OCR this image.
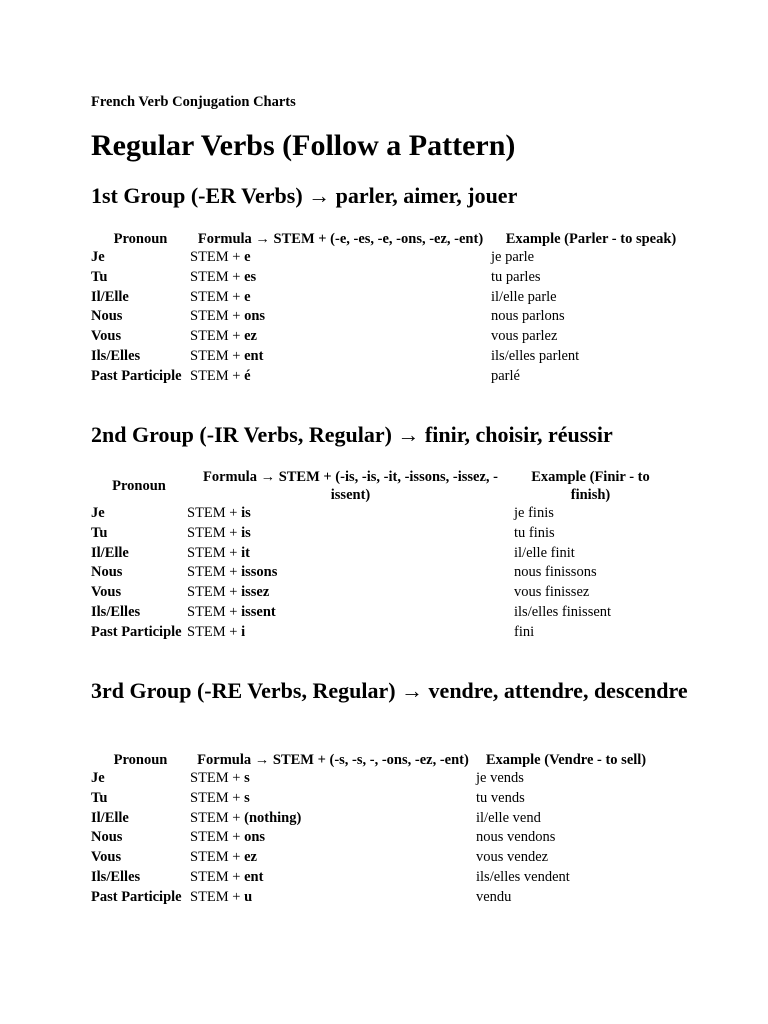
French Verb Conjugation Charts
Regular Verbs (Follow a Pattern)
1st Group (-ER Verbs) → parler, aimer, jouer
Pronoun	Formula → STEM + (-e, -es, -e, -ons, -ez, -ent)	Example (Parler - to speak)
Je	STEM + e	je parle
Tu	STEM + es	tu parles
Il/Elle	STEM + e	il/elle parle
Nous	STEM + ons	nous parlons
Vous	STEM + ez	vous parlez
Ils/Elles	STEM + ent	ils/elles parlent
Past Participle	STEM + é	parlé
2nd Group (-IR Verbs, Regular) → finir, choisir, réussir
Pronoun	Formula → STEM + (-is, -is, -it, -issons, -issez, -issent)	Example (Finir - to finish)
Je	STEM + is	je finis
Tu	STEM + is	tu finis
Il/Elle	STEM + it	il/elle finit
Nous	STEM + issons	nous finissons
Vous	STEM + issez	vous finissez
Ils/Elles	STEM + issent	ils/elles finissent
Past Participle	STEM + i	fini
3rd Group (-RE Verbs, Regular) → vendre, attendre, descendre
Pronoun	Formula → STEM + (-s, -s, -, -ons, -ez, -ent)	Example (Vendre - to sell)
Je	STEM + s	je vends
Tu	STEM + s	tu vends
Il/Elle	STEM + (nothing)	il/elle vend
Nous	STEM + ons	nous vendons
Vous	STEM + ez	vous vendez
Ils/Elles	STEM + ent	ils/elles vendent
Past Participle	STEM + u	vendu
